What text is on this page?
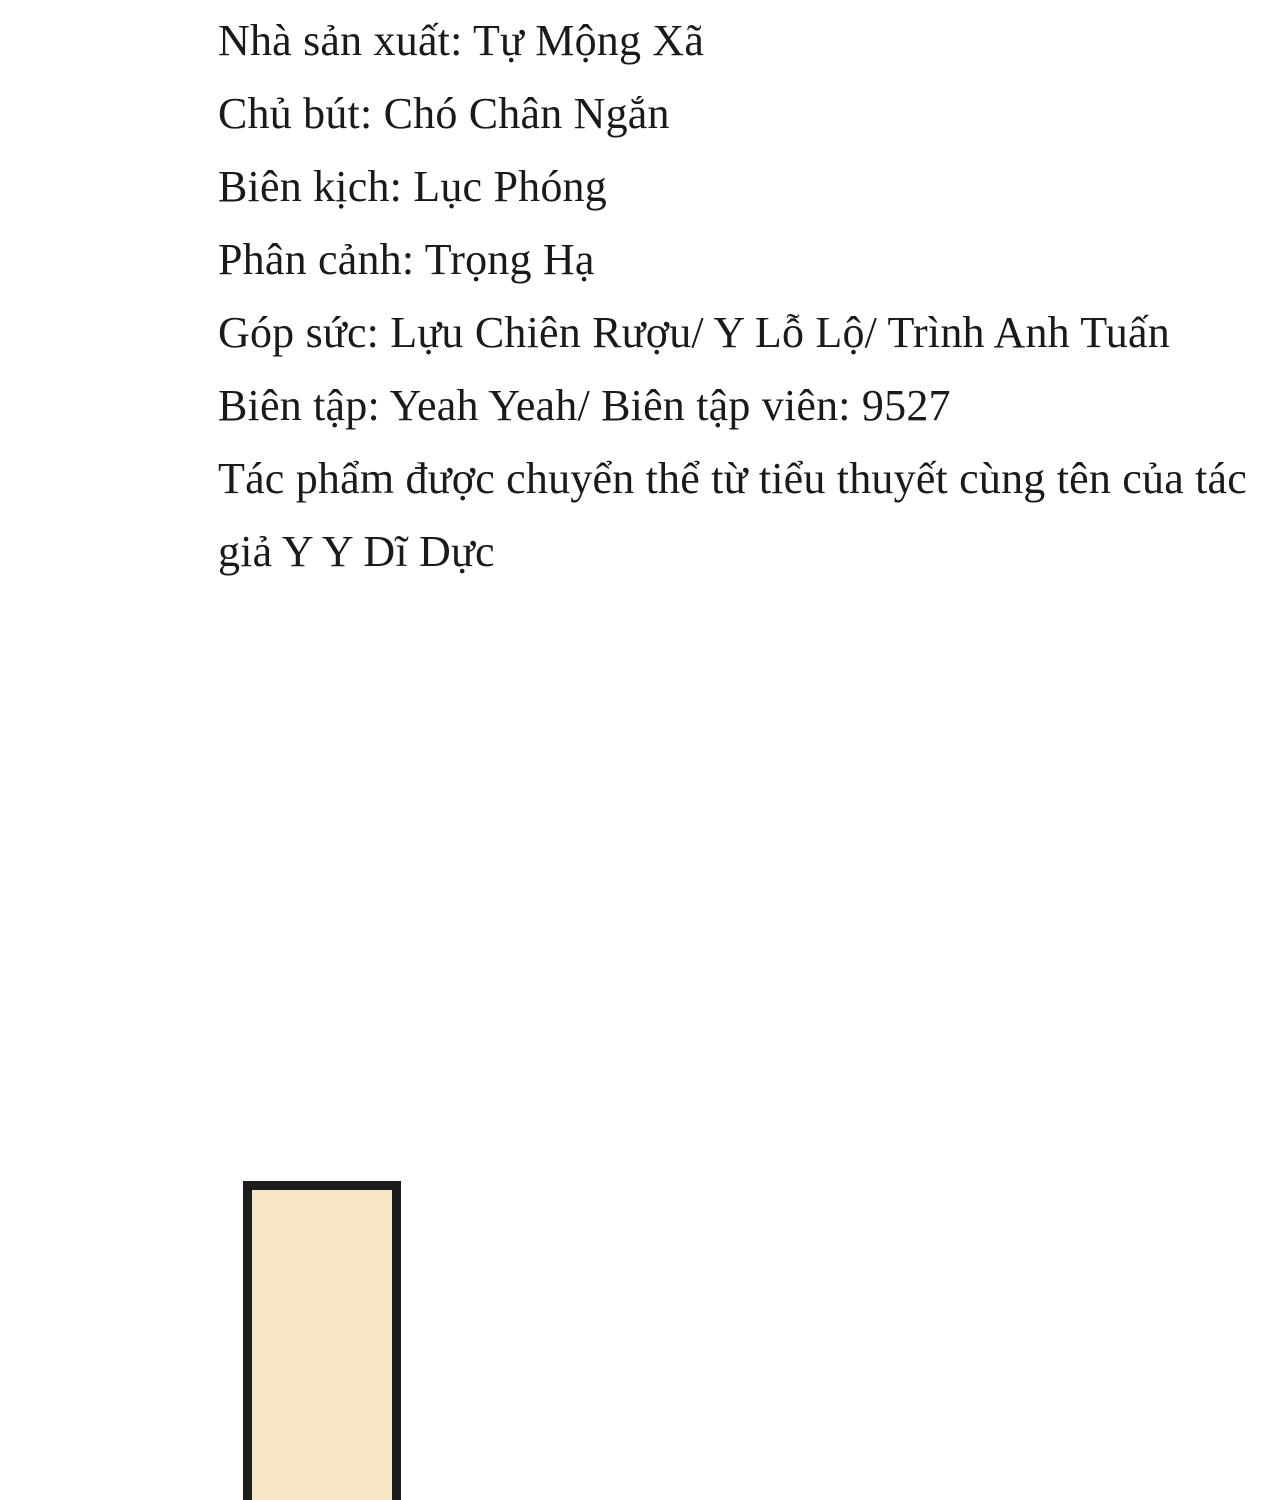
Nhà sản xuất: Tự Mộng Xã
Chủ bút: Chó Chân Ngắn
Biên kịch: Lục Phóng
Phân cảnh: Trọng Hạ
Góp sức: Lựu Chiên Rượu/ Y Lỗ Lộ/ Trình Anh Tuấn
Biên tập: Yeah Yeah/ Biên tập viên: 9527
Tác phẩm được chuyển thể từ tiểu thuyết cùng tên của tác giả Y Y Dĩ Dực
